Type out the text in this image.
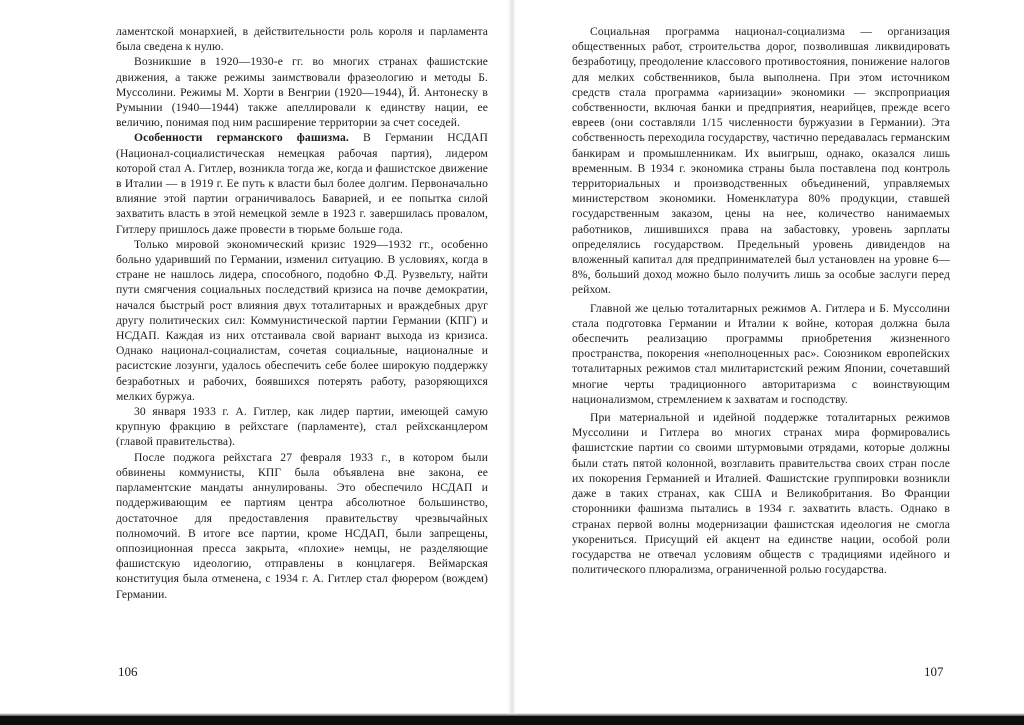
ламентской монархией, в действительности роль короля и парламента была сведена к нулю.

Возникшие в 1920—1930-е гг. во многих странах фашистские движения, а также режимы заимствовали фразеологию и методы Б. Муссолини. Режимы М. Хорти в Венгрии (1920—1944), Й. Антонеску в Румынии (1940—1944) также апеллировали к единству нации, ее величию, понимая под ним расширение территории за счет соседей.

Особенности германского фашизма. В Германии НСДАП (Национал-социалистическая немецкая рабочая партия), лидером которой стал А. Гитлер, возникла тогда же, когда и фашистское движение в Италии — в 1919 г. Ее путь к власти был более долгим. Первоначально влияние этой партии ограничивалось Баварией, и ее попытка силой захватить власть в этой немецкой земле в 1923 г. завершилась провалом, Гитлеру пришлось даже провести в тюрьме больше года.

Только мировой экономический кризис 1929—1932 гг., особенно больно ударивший по Германии, изменил ситуацию. В условиях, когда в стране не нашлось лидера, способного, подобно Ф.Д. Рузвельту, найти пути смягчения социальных последствий кризиса на почве демократии, начался быстрый рост влияния двух тоталитарных и враждебных друг другу политических сил: Коммунистической партии Германии (КПГ) и НСДАП. Каждая из них отстаивала свой вариант выхода из кризиса. Однако национал-социалистам, сочетая социальные, националные и расистские лозунги, удалось обеспечить себе более широкую поддержку безработных и рабочих, боявшихся потерять работу, разоряющихся мелких буржуа.

30 января 1933 г. А. Гитлер, как лидер партии, имеющей самую крупную фракцию в рейхстаге (парламенте), стал рейхсканцлером (главой правительства).

После поджога рейхстага 27 февраля 1933 г., в котором были обвинены коммунисты, КПГ была объявлена вне закона, ее парламентские мандаты аннулированы. Это обеспечило НСДАП и поддерживающим ее партиям центра абсолютное большинство, достаточное для предоставления правительству чрезвычайных полномочий. В итоге все партии, кроме НСДАП, были запрещены, оппозиционная пресса закрыта, «плохие» немцы, не разделяющие фашистскую идеологию, отправлены в концлагеря. Веймарская конституция была отменена, с 1934 г. А. Гитлер стал фюрером (вождем) Германии.

106

Социальная программа национал-социализма — организация общественных работ, строительства дорог, позволившая ликвидировать безработицу, преодоление классового противостояния, понижение налогов для мелких собственников, была выполнена. При этом источником средств стала программа «ариизации» экономики — экспроприация собственности, включая банки и предприятия, неарийцев, прежде всего евреев (они составляли 1/15 численности буржуазии в Германии). Эта собственность переходила государству, частично передавалась германским банкирам и промышленникам. Их выигрыш, однако, оказался лишь временным. В 1934 г. экономика страны была поставлена под контроль территориальных и производственных объединений, управляемых министерством экономики. Номенклатура 80% продукции, ставшей государственным заказом, цены на нее, количество нанимаемых работников, лишившихся права на забастовку, уровень зарплаты определялись государством. Предельный уровень дивидендов на вложенный капитал для предпринимателей был установлен на уровне 6—8%, больший доход можно было получить лишь за особые заслуги перед рейхом.

Главной же целью тоталитарных режимов А. Гитлера и Б. Муссолини стала подготовка Германии и Италии к войне, которая должна была обеспечить реализацию программы приобретения жизненного пространства, покорения «неполноценных рас». Союзником европейских тоталитарных режимов стал милитаристский режим Японии, сочетавший многие черты традиционного авторитаризма с воинствующим национализмом, стремлением к захватам и господству.

При материальной и идейной поддержке тоталитарных режимов Муссолини и Гитлера во многих странах мира формировались фашистские партии со своими штурмовыми отрядами, которые должны были стать пятой колонной, возглавить правительства своих стран после их покорения Германией и Италией. Фашистские группировки возникли даже в таких странах, как США и Великобритания. Во Франции сторонники фашизма пытались в 1934 г. захватить власть. Однако в странах первой волны модернизации фашистская идеология не смогла укорениться. Присущий ей акцент на единстве нации, особой роли государства не отвечал условиям обществ с традициями идейного и политического плюрализма, ограниченной ролью государства.

107
